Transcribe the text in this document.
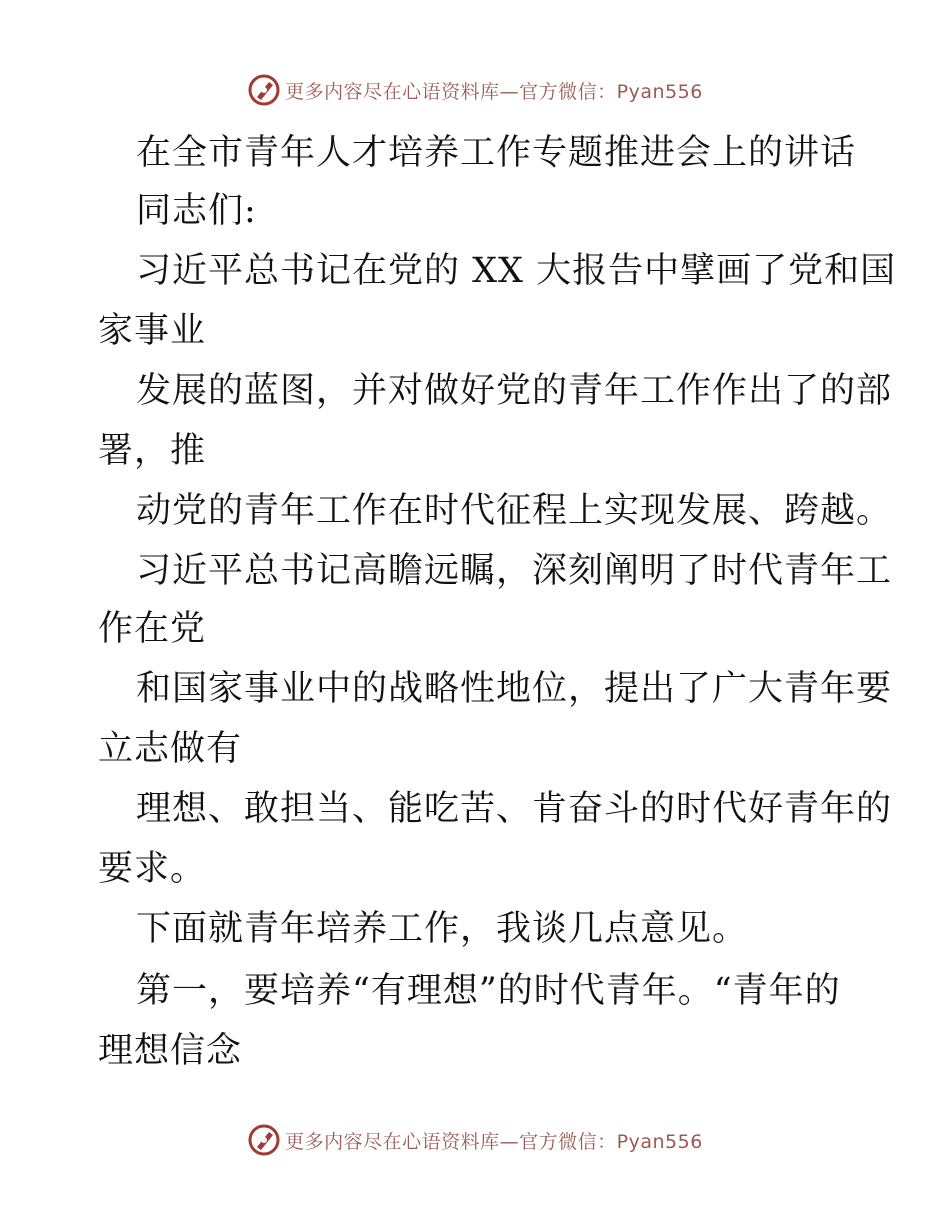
更多内容尽在心语资料库—官方微信：Pyan556
在全市青年人才培养工作专题推进会上的讲话
同志们:
习近平总书记在党的 XX 大报告中擘画了党和国
家事业
发展的蓝图，并对做好党的青年工作作出了的部
署，推
动党的青年工作在时代征程上实现发展、跨越。
习近平总书记高瞻远瞩，深刻阐明了时代青年工
作在党
和国家事业中的战略性地位，提出了广大青年要
立志做有
理想、敢担当、能吃苦、肯奋斗的时代好青年的
要求。
下面就青年培养工作，我谈几点意见。
第一，要培养“有理想”的时代青年。“青年的
理想信念
更多内容尽在心语资料库—官方微信：Pyan556
